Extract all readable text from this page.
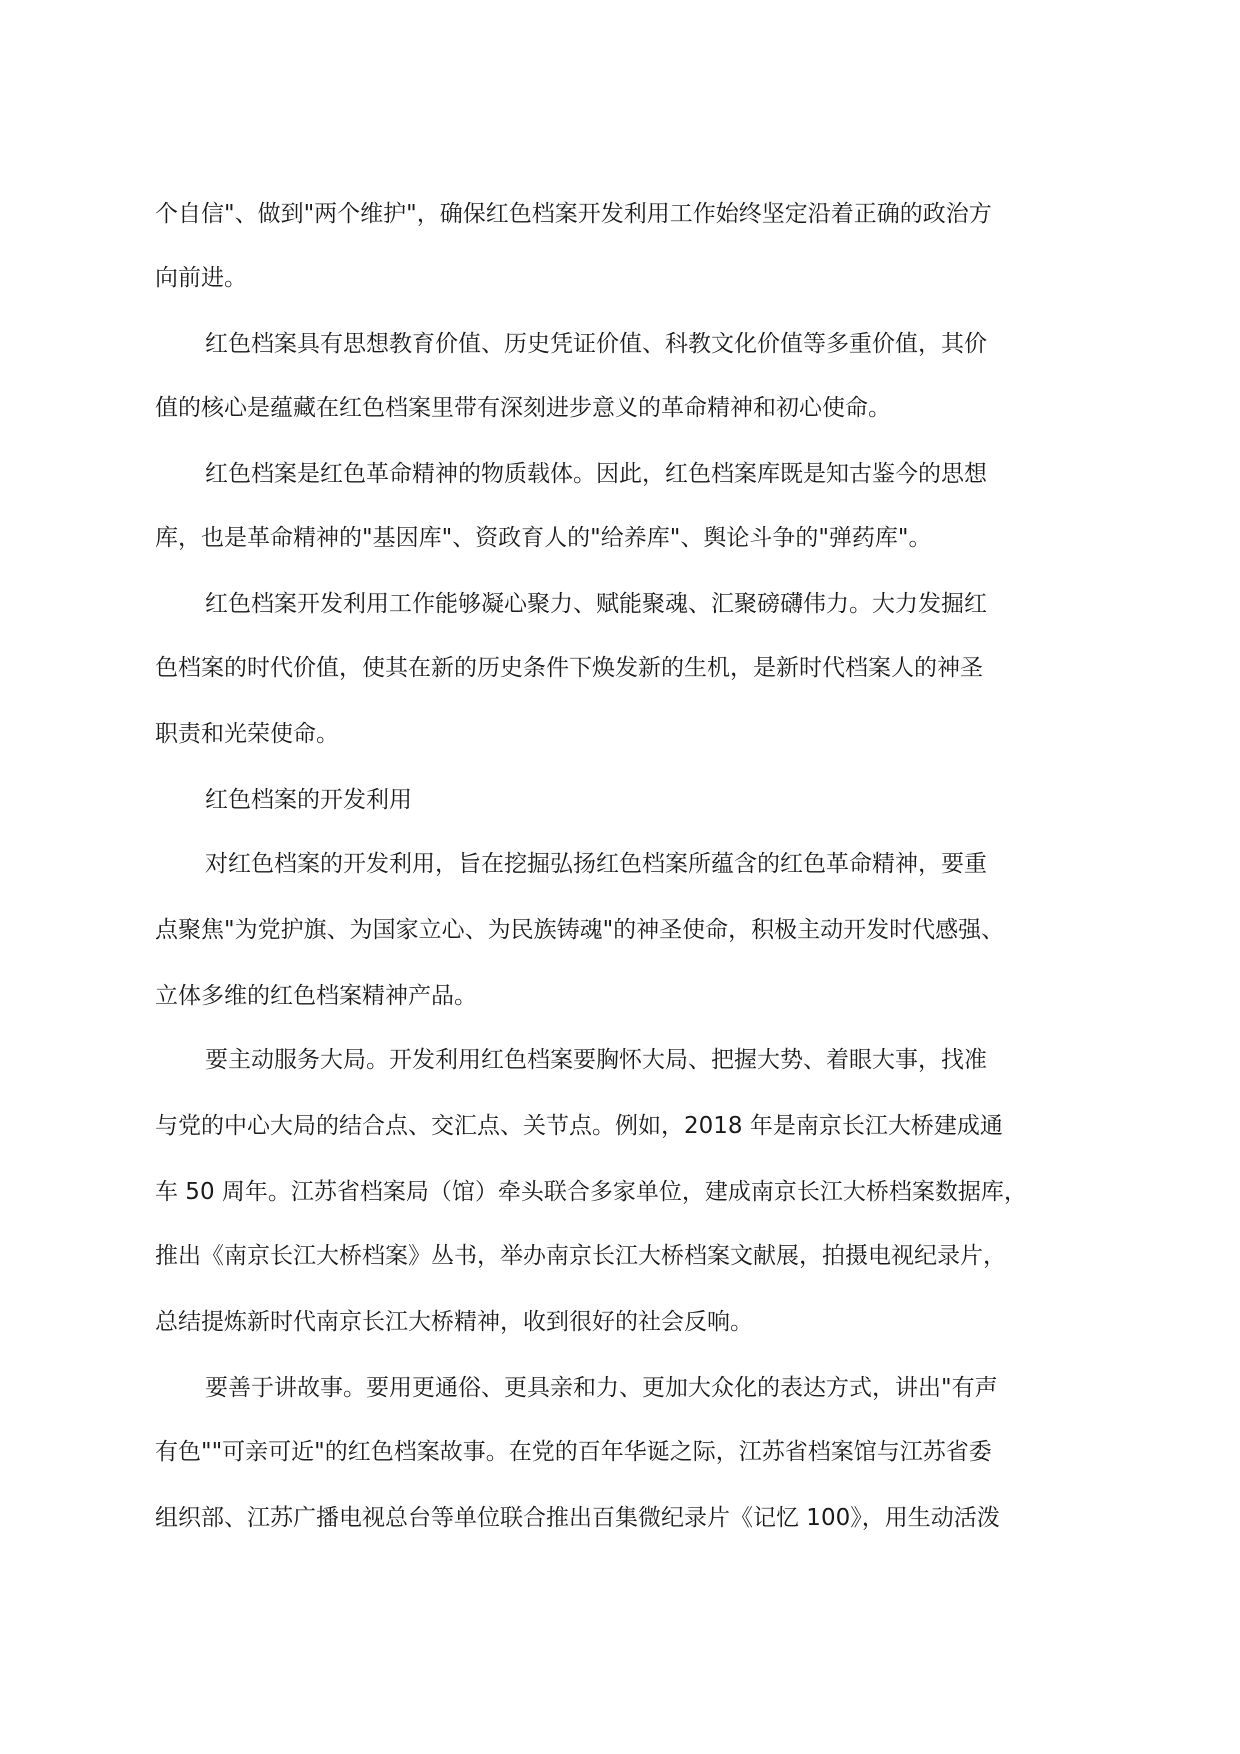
个自信"、做到"两个维护"，确保红色档案开发利用工作始终坚定沿着正确的政治方
向前进。
红色档案具有思想教育价值、历史凭证价值、科教文化价值等多重价值，其价
值的核心是蕴藏在红色档案里带有深刻进步意义的革命精神和初心使命。
红色档案是红色革命精神的物质载体。因此，红色档案库既是知古鉴今的思想
库，也是革命精神的"基因库"、资政育人的"给养库"、舆论斗争的"弹药库"。
红色档案开发利用工作能够凝心聚力、赋能聚魂、汇聚磅礴伟力。大力发掘红
色档案的时代价值，使其在新的历史条件下焕发新的生机，是新时代档案人的神圣
职责和光荣使命。
红色档案的开发利用
对红色档案的开发利用，旨在挖掘弘扬红色档案所蕴含的红色革命精神，要重
点聚焦"为党护旗、为国家立心、为民族铸魂"的神圣使命，积极主动开发时代感强、
立体多维的红色档案精神产品。
要主动服务大局。开发利用红色档案要胸怀大局、把握大势、着眼大事，找准
与党的中心大局的结合点、交汇点、关节点。例如，2018 年是南京长江大桥建成通
车 50 周年。江苏省档案局（馆）牵头联合多家单位，建成南京长江大桥档案数据库，
推出《南京长江大桥档案》丛书，举办南京长江大桥档案文献展，拍摄电视纪录片，
总结提炼新时代南京长江大桥精神，收到很好的社会反响。
要善于讲故事。要用更通俗、更具亲和力、更加大众化的表达方式，讲出"有声
有色""可亲可近"的红色档案故事。在党的百年华诞之际，江苏省档案馆与江苏省委
组织部、江苏广播电视总台等单位联合推出百集微纪录片《记忆 100》，用生动活泼
